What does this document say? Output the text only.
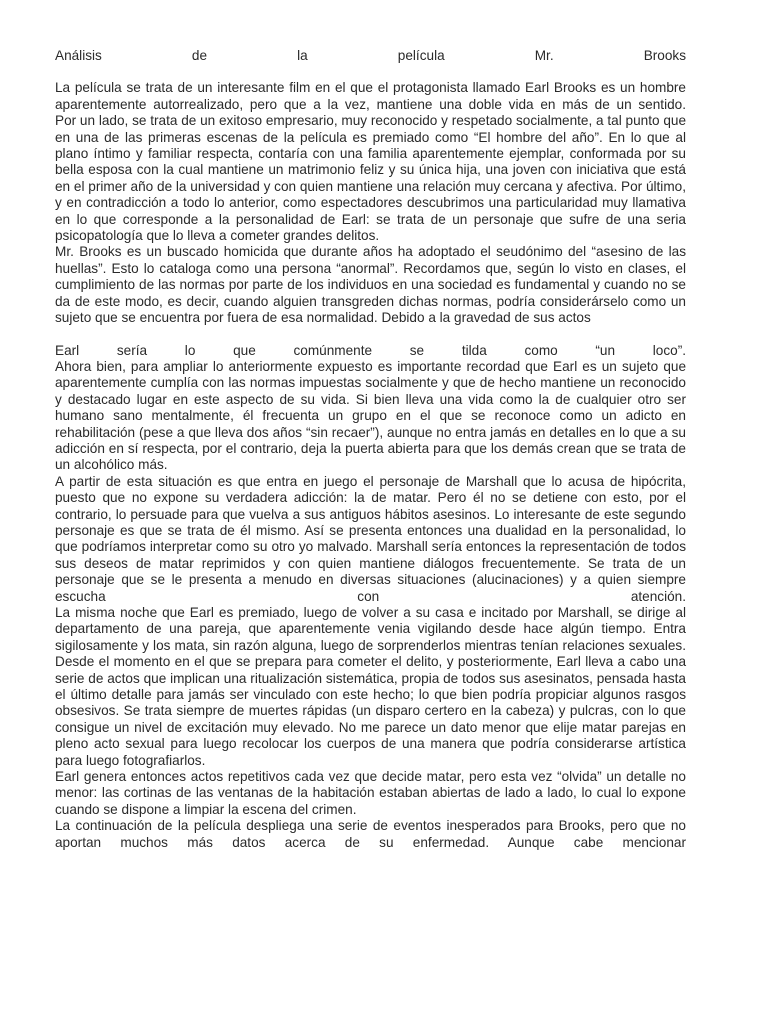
Análisis de la película Mr. Brooks

La película se trata de un interesante film en el que el protagonista llamado Earl Brooks es un hombre aparentemente autorrealizado, pero que a la vez, mantiene una doble vida en más de un sentido.

Por un lado, se trata de un exitoso empresario, muy reconocido y respetado socialmente, a tal punto que en una de las primeras escenas de la película es premiado como “El hombre del año”. En lo que al plano íntimo y familiar respecta, contaría con una familia aparentemente ejemplar, conformada por su bella esposa con la cual mantiene un matrimonio feliz y su única hija, una joven con iniciativa que está en el primer año de la universidad y con quien mantiene una relación muy cercana y afectiva. Por último, y en contradicción a todo lo anterior, como espectadores descubrimos una particularidad muy llamativa en lo que corresponde a la personalidad de Earl: se trata de un personaje que sufre de una seria psicopatología que lo lleva a cometer grandes delitos.

Mr. Brooks es un buscado homicida que durante años ha adoptado el seudónimo del “asesino de las huellas”. Esto lo cataloga como una persona “anormal”. Recordamos que, según lo visto en clases, el cumplimiento de las normas por parte de los individuos en una sociedad es fundamental y cuando no se da de este modo, es decir, cuando alguien transgreden dichas normas, podría considerárselo como un sujeto que se encuentra por fuera de esa normalidad. Debido a la gravedad de sus actos

Earl sería lo que comúnmente se tilda como “un loco”.

Ahora bien, para ampliar lo anteriormente expuesto es importante recordad que Earl es un sujeto que aparentemente cumplía con las normas impuestas socialmente y que de hecho mantiene un reconocido y destacado lugar en este aspecto de su vida. Si bien lleva una vida como la de cualquier otro ser humano sano mentalmente, él frecuenta un grupo en el que se reconoce como un adicto en rehabilitación (pese a que lleva dos años “sin recaer”), aunque no entra jamás en detalles en lo que a su adicción en sí respecta, por el contrario, deja la puerta abierta para que los demás crean que se trata de un alcohólico más.

A partir de esta situación es que entra en juego el personaje de Marshall que lo acusa de hipócrita, puesto que no expone su verdadera adicción: la de matar. Pero él no se detiene con esto, por el contrario, lo persuade para que vuelva a sus antiguos hábitos asesinos. Lo interesante de este segundo personaje es que se trata de él mismo. Así se presenta entonces una dualidad en la personalidad, lo que podríamos interpretar como su otro yo malvado. Marshall sería entonces la representación de todos sus deseos de matar reprimidos y con quien mantiene diálogos frecuentemente. Se trata de un personaje que se le presenta a menudo en diversas situaciones (alucinaciones) y a quien siempre escucha con atención.

La misma noche que Earl es premiado, luego de volver a su casa e incitado por Marshall, se dirige al departamento de una pareja, que aparentemente venia vigilando desde hace algún tiempo. Entra sigilosamente y los mata, sin razón alguna, luego de sorprenderlos mientras tenían relaciones sexuales.

Desde el momento en el que se prepara para cometer el delito, y posteriormente, Earl lleva a cabo una serie de actos que implican una ritualización sistemática, propia de todos sus asesinatos, pensada hasta el último detalle para jamás ser vinculado con este hecho; lo que bien podría propiciar algunos rasgos obsesivos. Se trata siempre de muertes rápidas (un disparo certero en la cabeza) y pulcras, con lo que consigue un nivel de excitación muy elevado. No me parece un dato menor que elije matar parejas en pleno acto sexual para luego recolocar los cuerpos de una manera que podría considerarse artística para luego fotografiarlos.

Earl genera entonces actos repetitivos cada vez que decide matar, pero esta vez “olvida” un detalle no menor: las cortinas de las ventanas de la habitación estaban abiertas de lado a lado, lo cual lo expone cuando se dispone a limpiar la escena del crimen.

La continuación de la película despliega una serie de eventos inesperados para Brooks, pero que no aportan muchos más datos acerca de su enfermedad. Aunque cabe mencionar
